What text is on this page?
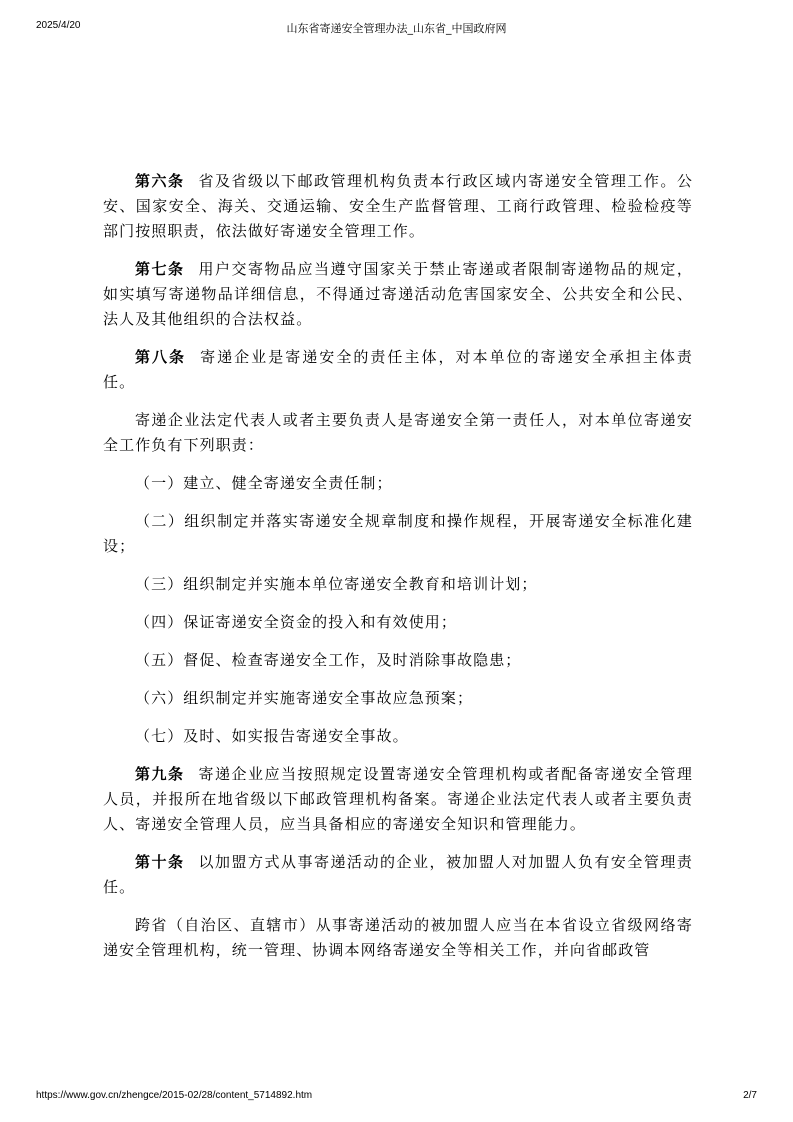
2025/4/20	山东省寄递安全管理办法_山东省_中国政府网

第六条 省及省级以下邮政管理机构负责本行政区域内寄递安全管理工作。公安、国家安全、海关、交通运输、安全生产监督管理、工商行政管理、检验检疫等部门按照职责，依法做好寄递安全管理工作。

第七条 用户交寄物品应当遵守国家关于禁止寄递或者限制寄递物品的规定，如实填写寄递物品详细信息，不得通过寄递活动危害国家安全、公共安全和公民、法人及其他组织的合法权益。

第八条 寄递企业是寄递安全的责任主体，对本单位的寄递安全承担主体责任。

寄递企业法定代表人或者主要负责人是寄递安全第一责任人，对本单位寄递安全工作负有下列职责：

（一）建立、健全寄递安全责任制；

（二）组织制定并落实寄递安全规章制度和操作规程，开展寄递安全标准化建设；

（三）组织制定并实施本单位寄递安全教育和培训计划；

（四）保证寄递安全资金的投入和有效使用；

（五）督促、检查寄递安全工作，及时消除事故隐患；

（六）组织制定并实施寄递安全事故应急预案；

（七）及时、如实报告寄递安全事故。

第九条 寄递企业应当按照规定设置寄递安全管理机构或者配备寄递安全管理人员，并报所在地省级以下邮政管理机构备案。寄递企业法定代表人或者主要负责人、寄递安全管理人员，应当具备相应的寄递安全知识和管理能力。

第十条 以加盟方式从事寄递活动的企业，被加盟人对加盟人负有安全管理责任。

跨省（自治区、直辖市）从事寄递活动的被加盟人应当在本省设立省级网络寄递安全管理机构，统一管理、协调本网络寄递安全等相关工作，并向省邮政管

https://www.gov.cn/zhengce/2015-02/28/content_5714892.htm	2/7
